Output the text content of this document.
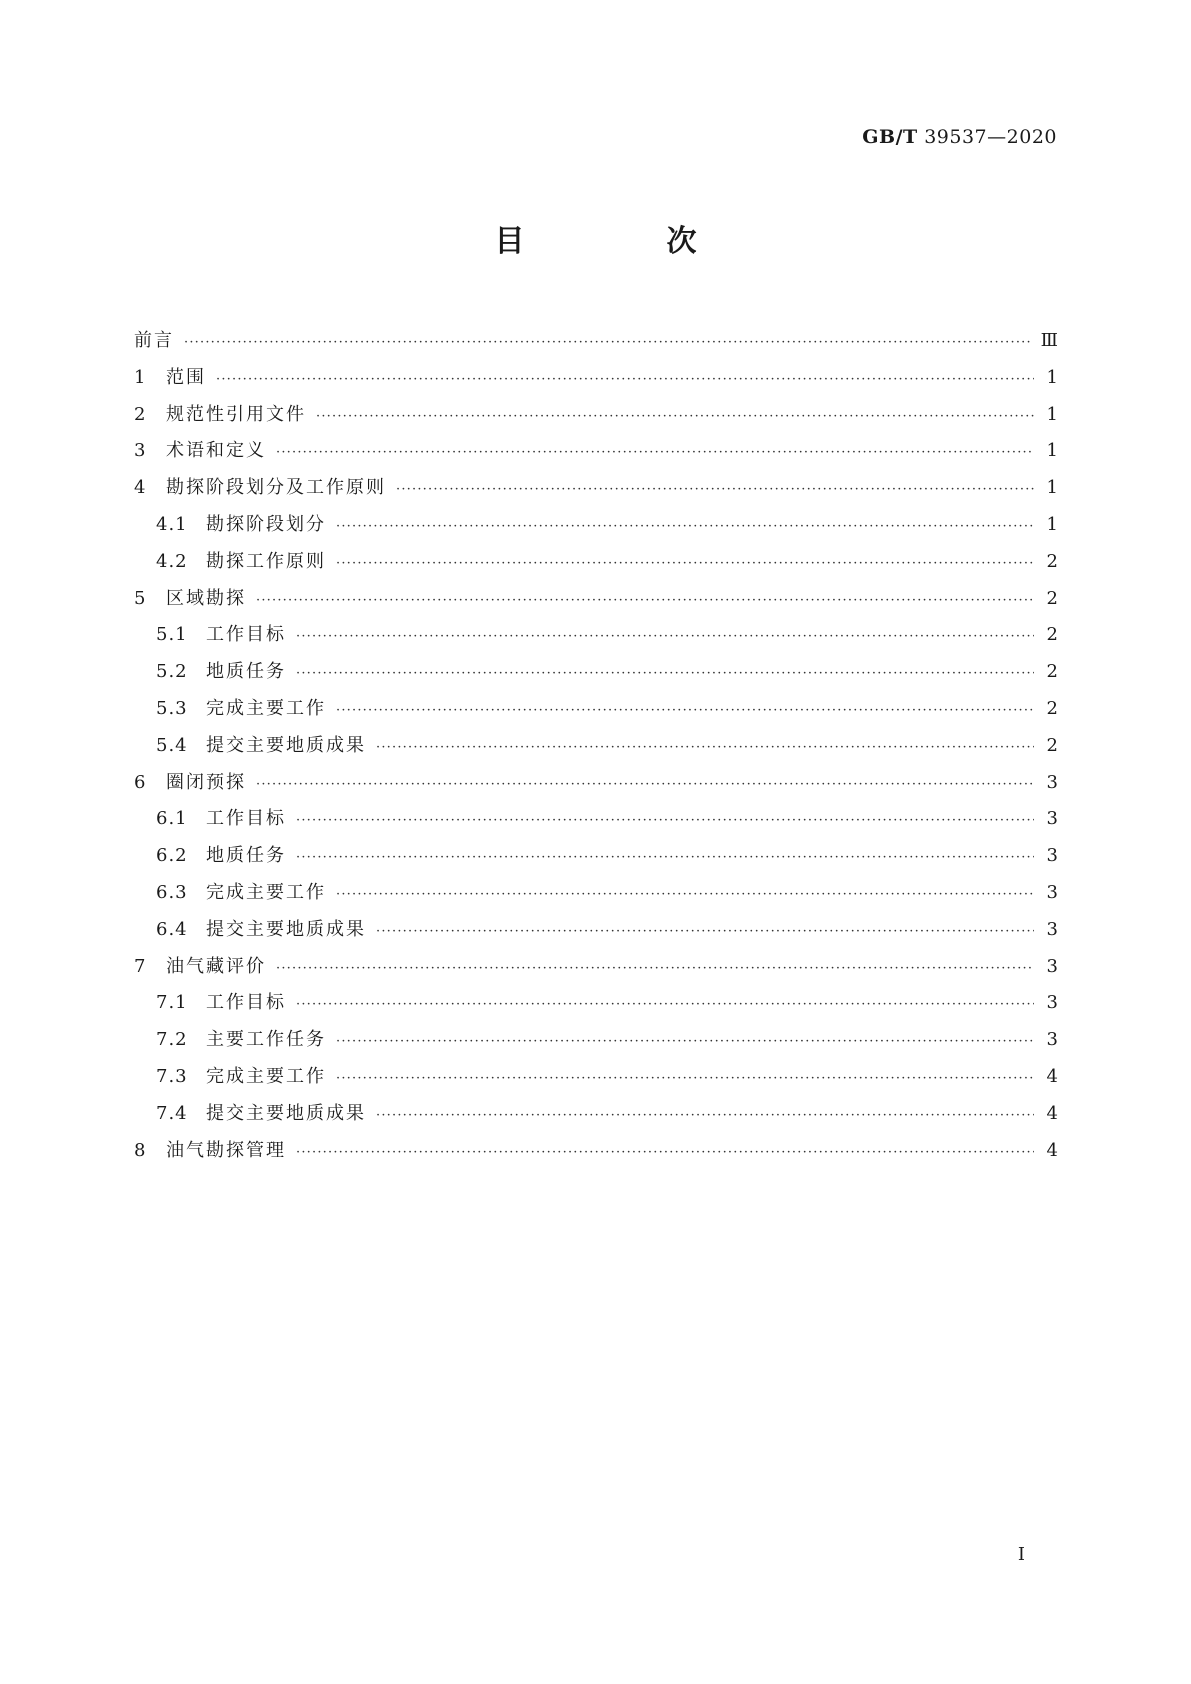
GB/T 39537—2020
目　次
前言 ·····	Ⅲ
1	范围 ·····	1
2	规范性引用文件 ·····	1
3	术语和定义 ·····	1
4	勘探阶段划分及工作原则 ·····	1
4.1	勘探阶段划分 ·····	1
4.2	勘探工作原则 ·····	2
5	区域勘探 ·····	2
5.1	工作目标 ·····	2
5.2	地质任务 ·····	2
5.3	完成主要工作 ·····	2
5.4	提交主要地质成果 ·····	2
6	圈闭预探 ·····	3
6.1	工作目标 ·····	3
6.2	地质任务 ·····	3
6.3	完成主要工作 ·····	3
6.4	提交主要地质成果 ·····	3
7	油气藏评价 ·····	3
7.1	工作目标 ·····	3
7.2	主要工作任务 ·····	3
7.3	完成主要工作 ·····	4
7.4	提交主要地质成果 ·····	4
8	油气勘探管理 ·····	4
I
